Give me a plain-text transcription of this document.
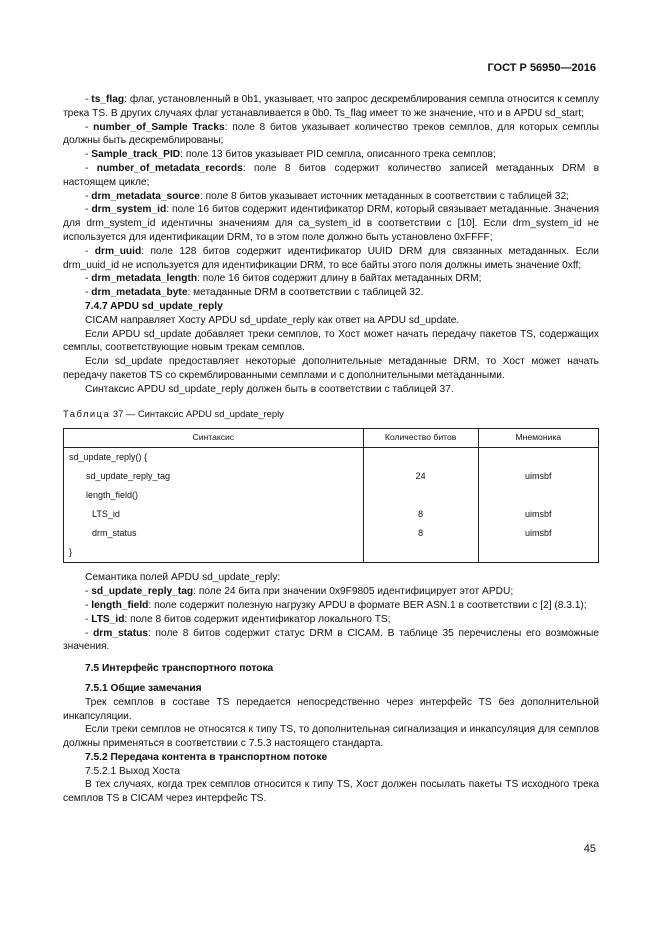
ГОСТ Р 56950—2016

- ts_flag: флаг, установленный в 0b1, указывает, что запрос дескремблирования семпла относится к семплу трека TS. В других случаях флаг устанавливается в 0b0. Ts_flag имеет то же значение, что и в APDU sd_start;

- number_of_Sample Tracks: поле 8 битов указывает количество треков семплов, для которых семплы должны быть дескремблированы;

- Sample_track_PID: поле 13 битов указывает PID семпла, описанного трека семплов;

- number_of_metadata_records: поле 8 битов содержит количество записей метаданных DRM в настоящем цикле;

- drm_metadata_source: поле 8 битов указывает источник метаданных в соответствии с таблицей 32;

- drm_system_id: поле 16 битов содержит идентификатор DRM, который связывает метаданные. Значения для drm_system_id идентичны значениям для ca_system_id в соответствии с [10]. Если drm_system_id не используется для идентификации DRM, то в этом поле должно быть установлено 0xFFFF;

- drm_uuid: поле 128 битов содержит идентификатор UUID DRM для связанных метаданных. Если drm_uuid_id не используется для идентификации DRM, то все байты этого поля должны иметь значение 0xff;

- drm_metadata_length: поле 16 битов содержит длину в байтах метаданных DRM;

- drm_metadata_byte: метаданные DRM в соответствии с таблицей 32.

7.4.7 APDU sd_update_reply

CICAM направляет Хосту APDU sd_update_reply как ответ на APDU sd_update.

Если APDU sd_update добавляет треки семплов, то Хост может начать передачу пакетов TS, содержащих семплы, соответствующие новым трекам семплов.

Если sd_update предоставляет некоторые дополнительные метаданные DRM, то Хост может начать передачу пакетов TS со скремблированными семплами и с дополнительными метаданными.

Синтаксис APDU sd_update_reply должен быть в соответствии с таблицей 37.

Таблица 37 — Синтаксис APDU sd_update_reply

Синтаксис	Количество битов	Мнемоника
sd_update_reply() {		
sd_update_reply_tag	24	uimsbf
length_field()		
LTS_id	8	uimsbf
drm_status	8	uimsbf
}		

Семантика полей APDU sd_update_reply:

- sd_update_reply_tag: поле 24 бита при значении 0x9F9805 идентифицирует этот APDU;

- length_field: поле содержит полезную нагрузку APDU в формате BER ASN.1 в соответствии с [2] (8.3.1);

- LTS_id: поле 8 битов содержит идентификатор локального TS;

- drm_status: поле 8 битов содержит статус DRM в CICAM. В таблице 35 перечислены его возможные значения.

7.5 Интерфейс транспортного потока

7.5.1 Общие замечания

Трек семплов в составе TS передается непосредственно через интерфейс TS без дополнительной инкапсуляции.

Если треки семплов не относятся к типу TS, то дополнительная сигнализация и инкапсуляция для семплов должны применяться в соответствии с 7.5.3 настоящего стандарта.

7.5.2 Передача контента в транспортном потоке

7.5.2.1 Выход Хоста

В тех случаях, когда трек семплов относится к типу TS, Хост должен посылать пакеты TS исходного трека семплов TS в CICAM через интерфейс TS.

45
